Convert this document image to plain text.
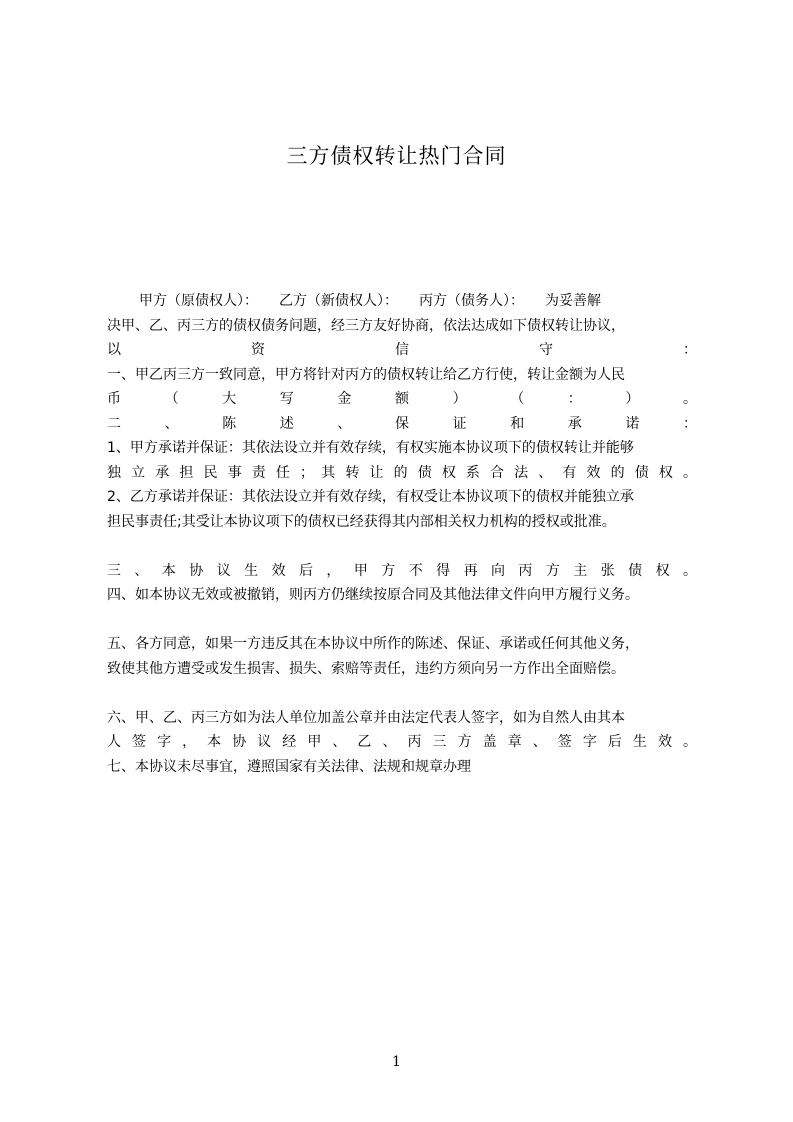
三方债权转让热门合同
甲方（原债权人）：　　乙方（新债权人）：　　丙方（债务人）：　　为妥善解
决甲、乙、丙三方的债权债务问题，经三方友好协商，依法达成如下债权转让协议，
以 资 信 守 ：
一、甲乙丙三方一致同意，甲方将针对丙方的债权转让给乙方行使，转让金额为人民
币 （ 大 写 金 额 ） （ ： ） 。
二 、 陈 述 、 保 证 和 承 诺 ：
1、甲方承诺并保证：其依法设立并有效存续，有权实施本协议项下的债权转让并能够
独 立 承 担 民 事 责 任 ； 其 转 让 的 债 权 系 合 法 、 有 效 的 债 权 。
2、乙方承诺并保证：其依法设立并有效存续，有权受让本协议项下的债权并能独立承
担民事责任;其受让本协议项下的债权已经获得其内部相关权力机构的授权或批准。
三 、 本 协 议 生 效 后 ， 甲 方 不 得 再 向 丙 方 主 张 债 权 。
四、如本协议无效或被撤销，则丙方仍继续按原合同及其他法律文件向甲方履行义务。
五、各方同意，如果一方违反其在本协议中所作的陈述、保证、承诺或任何其他义务，
致使其他方遭受或发生损害、损失、索赔等责任，违约方须向另一方作出全面赔偿。
六、甲、乙、丙三方如为法人单位加盖公章并由法定代表人签字，如为自然人由其本
人 签 字 ， 本 协 议 经 甲 、 乙 、 丙 三 方 盖 章 、 签 字 后 生 效 。
七、本协议未尽事宜，遵照国家有关法律、法规和规章办理
1
